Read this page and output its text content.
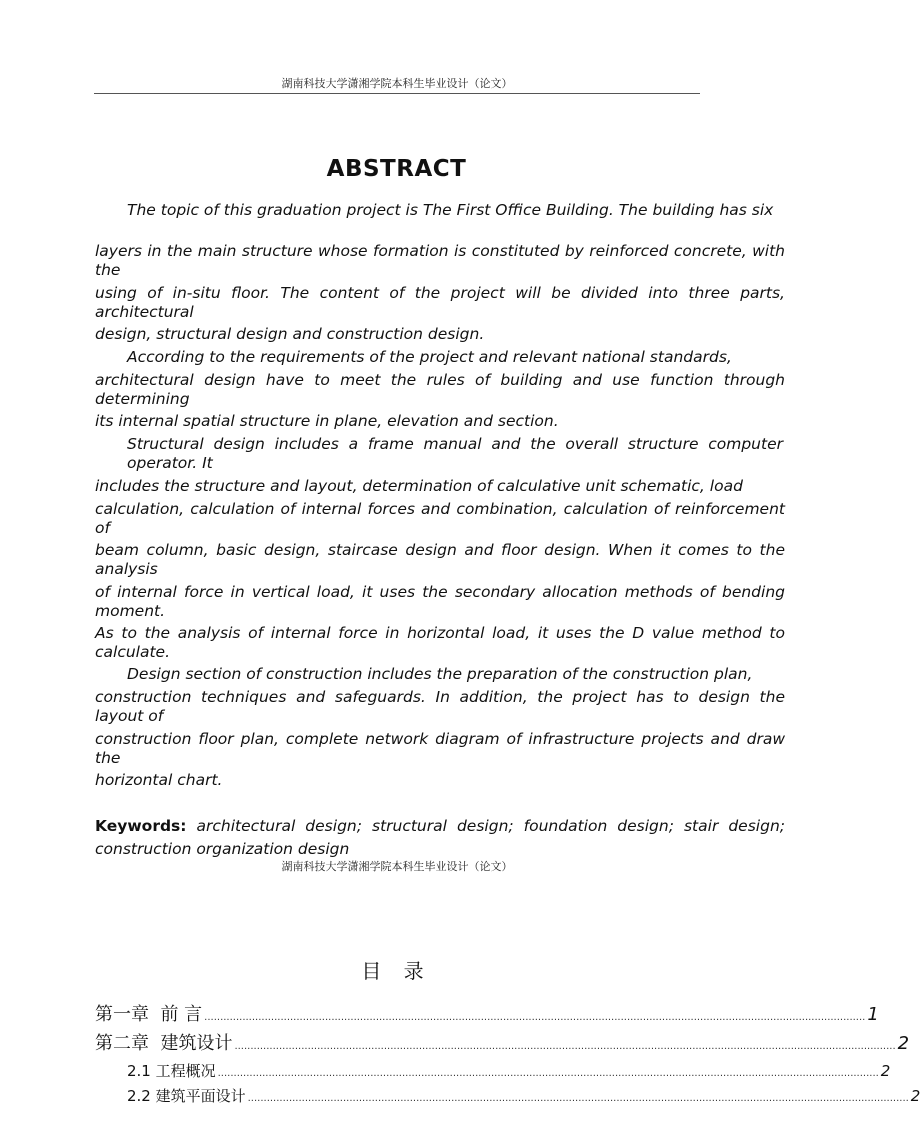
湖南科技大学潇湘学院本科生毕业设计（论文）
ABSTRACT
The topic of this graduation project is The First Office Building. The building has six
layers in the main structure whose formation is constituted by reinforced concrete, with the
using of in-situ floor. The content of the project will be divided into three parts, architectural
design, structural design and construction design.
According to the requirements of the project and relevant national standards,
architectural design have to meet the rules of building and use function through determining
its internal spatial structure in plane, elevation and section.
Structural design includes a frame manual and the overall structure computer operator. It
includes the structure and layout, determination of calculative unit schematic, load
calculation, calculation of internal forces and combination, calculation of reinforcement of
beam column, basic design, staircase design and floor design. When it comes to the analysis
of internal force in vertical load, it uses the secondary allocation methods of bending moment.
As to the analysis of internal force in horizontal load, it uses the D value method to calculate.
Design section of construction includes the preparation of the construction plan,
construction techniques and safeguards. In addition, the project has to design the layout of
construction floor plan, complete network diagram of infrastructure projects and draw the
horizontal chart.
Keywords: architectural design; structural design; foundation design; stair design; construction organization design
湖南科技大学潇湘学院本科生毕业设计（论文）
目 录
第一章  前 言 ................................................................................................................................................................................................................ 1
第二章  建筑设计 ................................................................................................................................................................................................................ 2
2.1 工程概况 ................................................................................................................................................................................................................ 2
2.2 建筑平面设计 ................................................................................................................................................................................................................ 2
